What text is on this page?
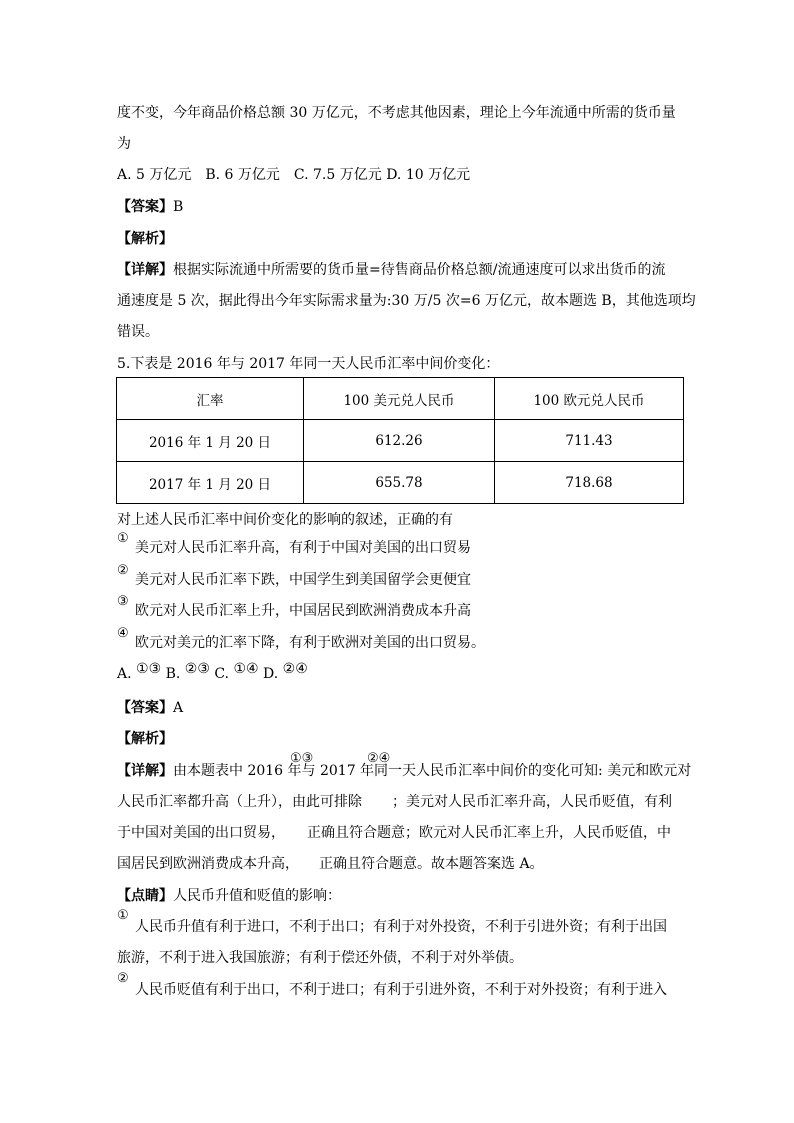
度不变，今年商品价格总额 30 万亿元，不考虑其他因素，理论上今年流通中所需的货币量
为
A. 5 万亿元　B. 6 万亿元　C. 7.5 万亿元 D. 10 万亿元
【答案】B
【解析】
【详解】根据实际流通中所需要的货币量=待售商品价格总额/流通速度可以求出货币的流
通速度是 5 次，据此得出今年实际需求量为:30 万/5 次=6 万亿元，故本题选 B，其他选项均
错误。
5.下表是 2016 年与 2017 年同一天人民币汇率中间价变化：
汇率	100 美元兑人民币	100 欧元兑人民币
2016 年 1 月 20 日	612.26	711.43
2017 年 1 月 20 日	655.78	718.68
对上述人民币汇率中间价变化的影响的叙述，正确的有
①
美元对人民币汇率升高，有利于中国对美国的出口贸易
②
美元对人民币汇率下跌，中国学生到美国留学会更便宜
③
欧元对人民币汇率上升，中国居民到欧洲消费成本升高
④
欧元对美元的汇率下降，有利于欧洲对美国的出口贸易。
A. ①③ B. ②③ C. ①④ D. ②④
【答案】A
【解析】
【详解】由本题表中 2016 年与 2017 年同一天人民币汇率中间价的变化可知: 美元和欧元对
①③	②④
人民币汇率都升高（上升），由此可排除 ；美元对人民币汇率升高，人民币贬值，有利
于中国对美国的出口贸易， 正确且符合题意；欧元对人民币汇率上升，人民币贬值，中
国居民到欧洲消费成本升高， 正确且符合题意。故本题答案选 A。
【点睛】人民币升值和贬值的影响：
①
人民币升值有利于进口，不利于出口；有利于对外投资，不利于引进外资；有利于出国
旅游，不利于进入我国旅游；有利于偿还外债，不利于对外举债。
②
人民币贬值有利于出口，不利于进口；有利于引进外资，不利于对外投资；有利于进入
